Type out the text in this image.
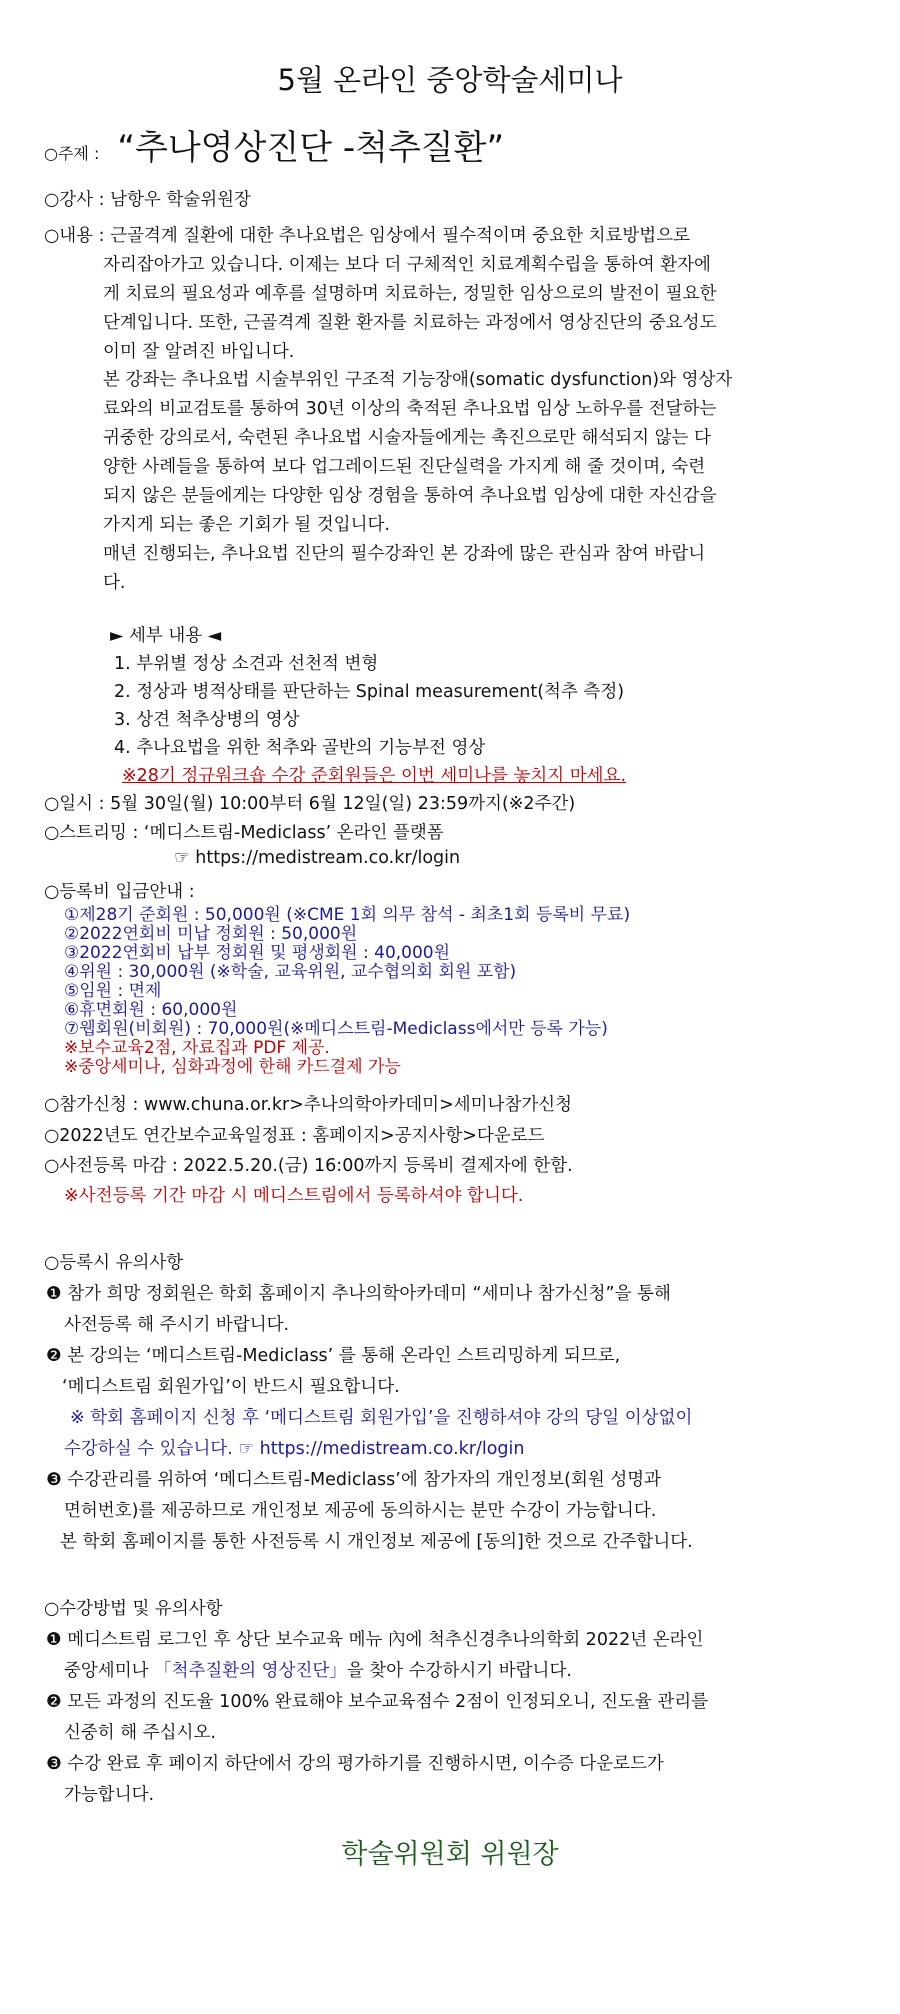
5월 온라인 중앙학술세미나
○주제 : “추나영상진단 -척추질환”
○강사 : 남항우 학술위원장
○내용 : 근골격계 질환에 대한 추나요법은 임상에서 필수적이며 중요한 치료방법으로
자리잡아가고 있습니다. 이제는 보다 더 구체적인 치료계획수립을 통하여 환자에
게 치료의 필요성과 예후를 설명하며 치료하는, 정밀한 임상으로의 발전이 필요한
단계입니다. 또한, 근골격계 질환 환자를 치료하는 과정에서 영상진단의 중요성도
이미 잘 알려진 바입니다.
본 강좌는 추나요법 시술부위인 구조적 기능장애(somatic dysfunction)와 영상자
료와의 비교검토를 통하여 30년 이상의 축적된 추나요법 임상 노하우를 전달하는
귀중한 강의로서, 숙련된 추나요법 시술자들에게는 촉진으로만 해석되지 않는 다
양한 사례들을 통하여 보다 업그레이드된 진단실력을 가지게 해 줄 것이며, 숙련
되지 않은 분들에게는 다양한 임상 경험을 통하여 추나요법 임상에 대한 자신감을
가지게 되는 좋은 기회가 될 것입니다.
매년 진행되는, 추나요법 진단의 필수강좌인 본 강좌에 많은 관심과 참여 바랍니
다.
► 세부 내용 ◄
1. 부위별 정상 소견과 선천적 변형
2. 정상과 병적상태를 판단하는 Spinal measurement(척추 측정)
3. 상견 척추상병의 영상
4. 추나요법을 위한 척추와 골반의 기능부전 영상
※28기 정규워크숍 수강 준회원들은 이번 세미나를 놓치지 마세요.
○일시 : 5월 30일(월) 10:00부터 6월 12일(일) 23:59까지(※2주간)
○스트리밍 : ‘메디스트림-Mediclass’ 온라인 플랫폼
☞ https://medistream.co.kr/login
○등록비 입금안내 :
①제28기 준회원 : 50,000원 (※CME 1회 의무 참석 - 최초1회 등록비 무료)
②2022연회비 미납 정회원 : 50,000원
③2022연회비 납부 정회원 및 평생회원 : 40,000원
④위원 : 30,000원 (※학술, 교육위원, 교수협의회 회원 포함)
⑤임원 : 면제
⑥휴면회원 : 60,000원
⑦웹회원(비회원) : 70,000원(※메디스트림-Mediclass에서만 등록 가능)
※보수교육2점, 자료집과 PDF 제공.
※중앙세미나, 심화과정에 한해 카드결제 가능
○참가신청 : www.chuna.or.kr>추나의학아카데미>세미나참가신청
○2022년도 연간보수교육일정표 : 홈페이지>공지사항>다운로드
○사전등록 마감 : 2022.5.20.(금) 16:00까지 등록비 결제자에 한함.
※사전등록 기간 마감 시 메디스트림에서 등록하셔야 합니다.
○등록시 유의사항
❶ 참가 희망 정회원은 학회 홈페이지 추나의학아카데미 “세미나 참가신청”을 통해
사전등록 해 주시기 바랍니다.
❷ 본 강의는 ‘메디스트림-Mediclass’ 를 통해 온라인 스트리밍하게 되므로,
‘메디스트림 회원가입’이 반드시 필요합니다.
※ 학회 홈페이지 신청 후 ‘메디스트림 회원가입’을 진행하셔야 강의 당일 이상없이
수강하실 수 있습니다. ☞ https://medistream.co.kr/login
❸ 수강관리를 위하여 ‘메디스트림-Mediclass’에 참가자의 개인정보(회원 성명과
면허번호)를 제공하므로 개인정보 제공에 동의하시는 분만 수강이 가능합니다.
본 학회 홈페이지를 통한 사전등록 시 개인정보 제공에 [동의]한 것으로 간주합니다.
○수강방법 및 유의사항
❶ 메디스트림 로그인 후 상단 보수교육 메뉴 內에 척추신경추나의학회 2022년 온라인
중앙세미나 「척추질환의 영상진단」을 찾아 수강하시기 바랍니다.
❷ 모든 과정의 진도율 100% 완료해야 보수교육점수 2점이 인정되오니, 진도율 관리를
신중히 해 주십시오.
❸ 수강 완료 후 페이지 하단에서 강의 평가하기를 진행하시면, 이수증 다운로드가
가능합니다.
학술위원회 위원장
